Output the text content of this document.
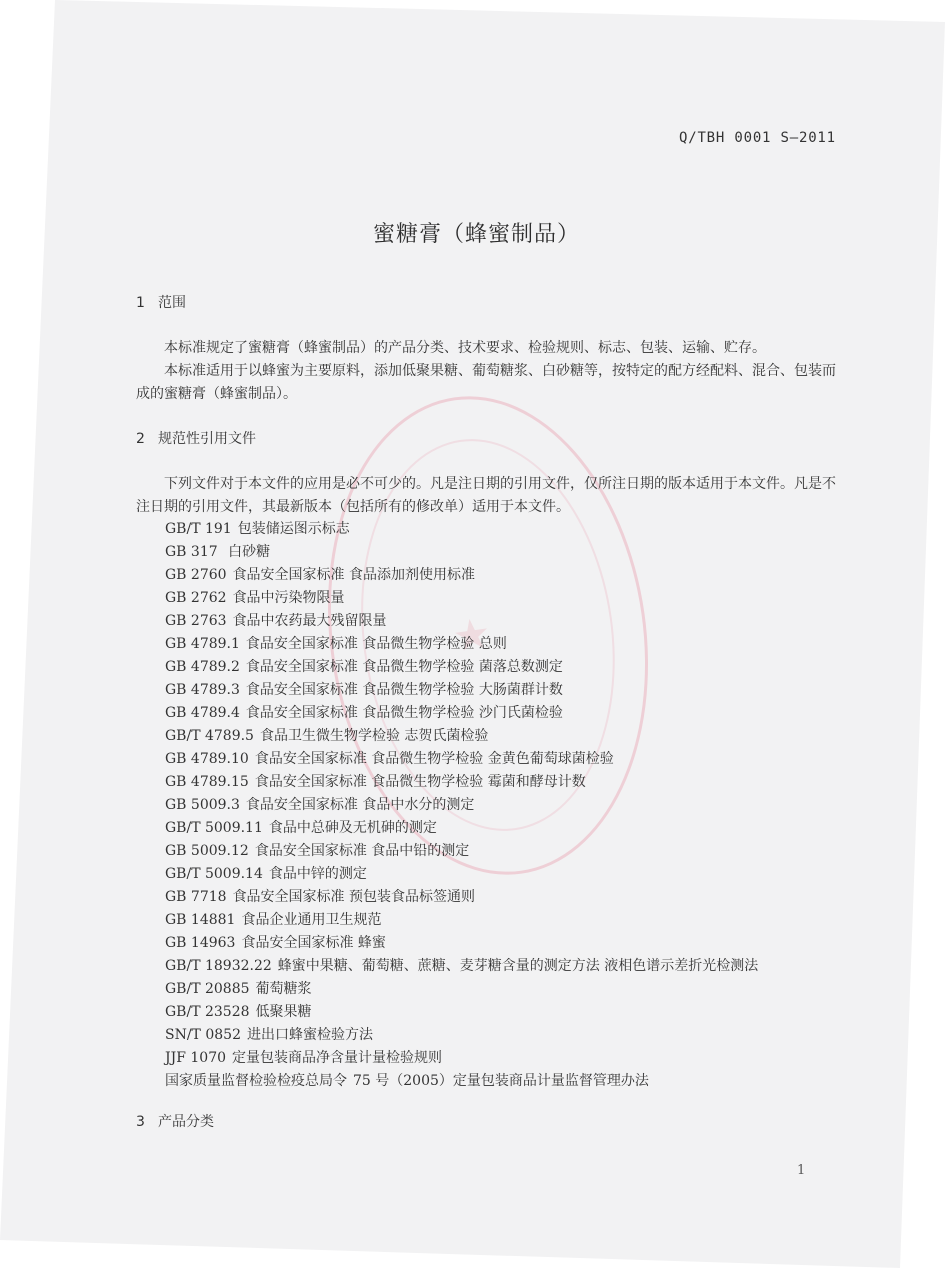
Q/TBH 0001 S—2011
蜜糖膏（蜂蜜制品）
1 范围
本标准规定了蜜糖膏（蜂蜜制品）的产品分类、技术要求、检验规则、标志、包装、运输、贮存。
本标准适用于以蜂蜜为主要原料，添加低聚果糖、葡萄糖浆、白砂糖等，按特定的配方经配料、混合、包装而成的蜜糖膏（蜂蜜制品）。
2 规范性引用文件
下列文件对于本文件的应用是必不可少的。凡是注日期的引用文件，仅所注日期的版本适用于本文件。凡是不注日期的引用文件，其最新版本（包括所有的修改单）适用于本文件。
GB/T 191 包装储运图示标志
GB 317 白砂糖
GB 2760 食品安全国家标准 食品添加剂使用标准
GB 2762 食品中污染物限量
GB 2763 食品中农药最大残留限量
GB 4789.1 食品安全国家标准 食品微生物学检验 总则
GB 4789.2 食品安全国家标准 食品微生物学检验 菌落总数测定
GB 4789.3 食品安全国家标准 食品微生物学检验 大肠菌群计数
GB 4789.4 食品安全国家标准 食品微生物学检验 沙门氏菌检验
GB/T 4789.5 食品卫生微生物学检验 志贺氏菌检验
GB 4789.10 食品安全国家标准 食品微生物学检验 金黄色葡萄球菌检验
GB 4789.15 食品安全国家标准 食品微生物学检验 霉菌和酵母计数
GB 5009.3 食品安全国家标准 食品中水分的测定
GB/T 5009.11 食品中总砷及无机砷的测定
GB 5009.12 食品安全国家标准 食品中铅的测定
GB/T 5009.14 食品中锌的测定
GB 7718 食品安全国家标准 预包装食品标签通则
GB 14881 食品企业通用卫生规范
GB 14963 食品安全国家标准 蜂蜜
GB/T 18932.22 蜂蜜中果糖、葡萄糖、蔗糖、麦芽糖含量的测定方法 液相色谱示差折光检测法
GB/T 20885 葡萄糖浆
GB/T 23528 低聚果糖
SN/T 0852 进出口蜂蜜检验方法
JJF 1070 定量包装商品净含量计量检验规则
国家质量监督检验检疫总局令 75 号（2005）定量包装商品计量监督管理办法
3 产品分类
1
